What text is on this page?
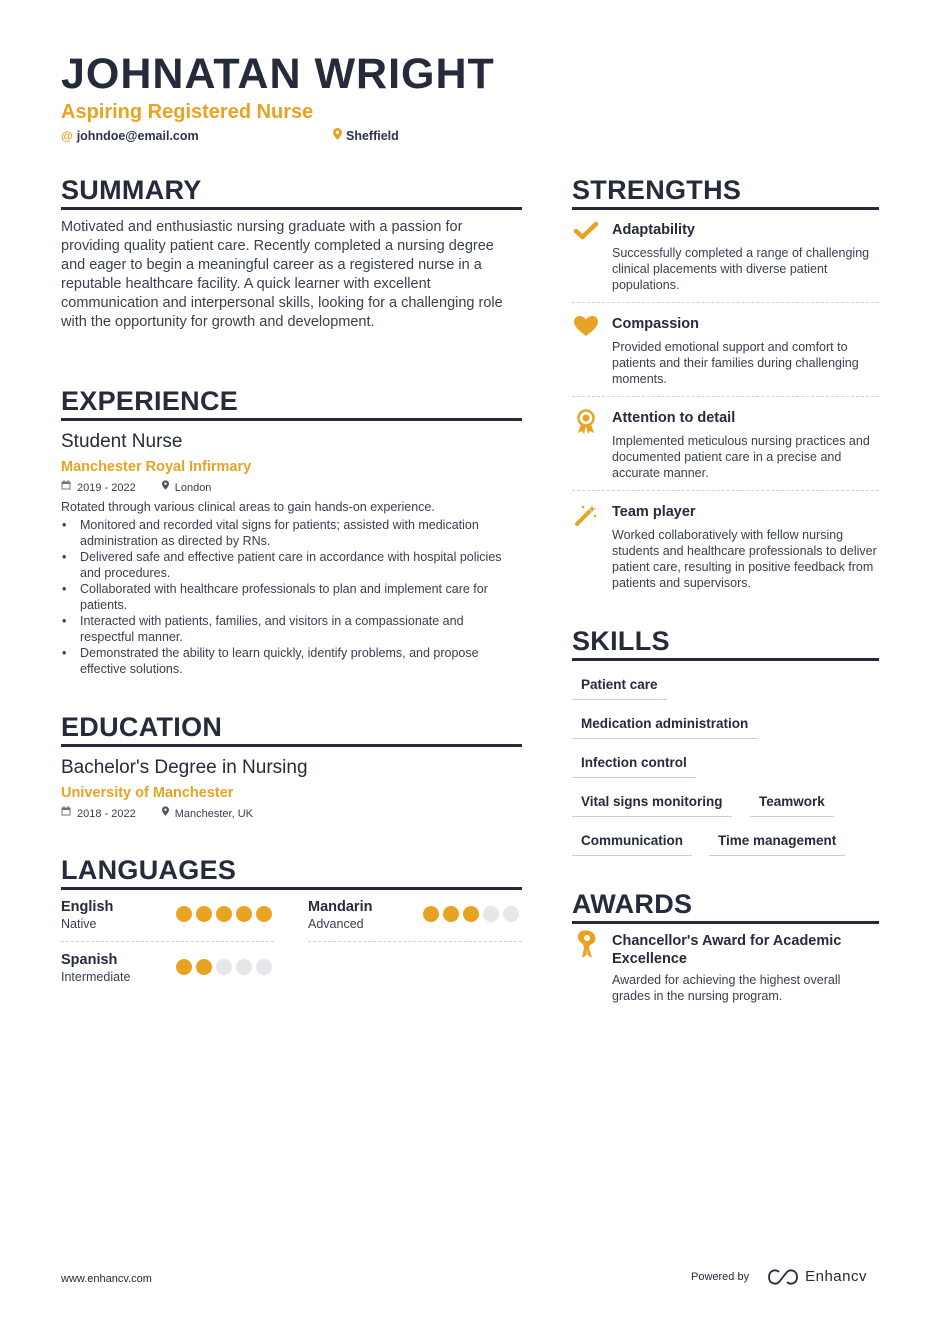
JOHNATAN WRIGHT
Aspiring Registered Nurse
@ johndoe@email.com	Sheffield
SUMMARY
Motivated and enthusiastic nursing graduate with a passion for providing quality patient care. Recently completed a nursing degree and eager to begin a meaningful career as a registered nurse in a reputable healthcare facility. A quick learner with excellent communication and interpersonal skills, looking for a challenging role with the opportunity for growth and development.
EXPERIENCE
Student Nurse
Manchester Royal Infirmary
2019 - 2022	London
Rotated through various clinical areas to gain hands-on experience.
• Monitored and recorded vital signs for patients; assisted with medication administration as directed by RNs.
• Delivered safe and effective patient care in accordance with hospital policies and procedures.
• Collaborated with healthcare professionals to plan and implement care for patients.
• Interacted with patients, families, and visitors in a compassionate and respectful manner.
• Demonstrated the ability to learn quickly, identify problems, and propose effective solutions.
EDUCATION
Bachelor's Degree in Nursing
University of Manchester
2018 - 2022	Manchester, UK
LANGUAGES
English
Native
Mandarin
Advanced
Spanish
Intermediate
STRENGTHS
Adaptability
Successfully completed a range of challenging clinical placements with diverse patient populations.
Compassion
Provided emotional support and comfort to patients and their families during challenging moments.
Attention to detail
Implemented meticulous nursing practices and documented patient care in a precise and accurate manner.
Team player
Worked collaboratively with fellow nursing students and healthcare professionals to deliver patient care, resulting in positive feedback from patients and supervisors.
SKILLS
Patient care
Medication administration
Infection control
Vital signs monitoring	Teamwork
Communication	Time management
AWARDS
Chancellor's Award for Academic Excellence
Awarded for achieving the highest overall grades in the nursing program.
www.enhancv.com	Powered by	Enhancv
